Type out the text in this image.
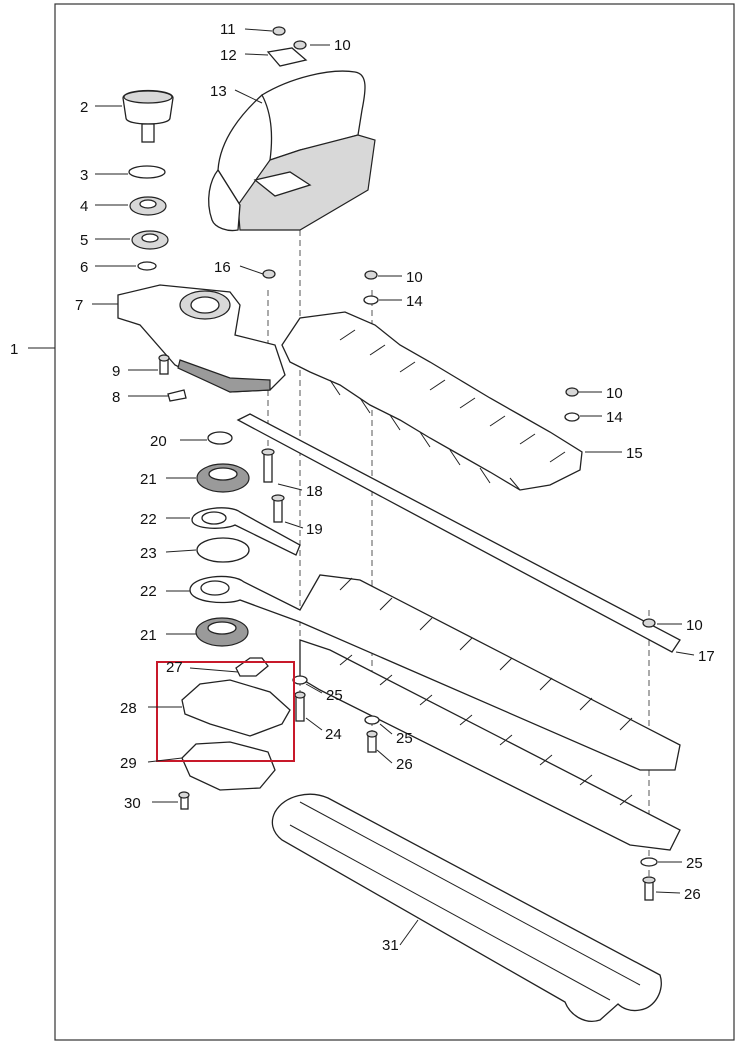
1
2
3
4
5
6
7
8
9
10
11
12
13
14
15
16
17
18
19
20
21
22
23
24
25
26
27
28
29
30
31
10
10
14
22
21
10
25
25
26
